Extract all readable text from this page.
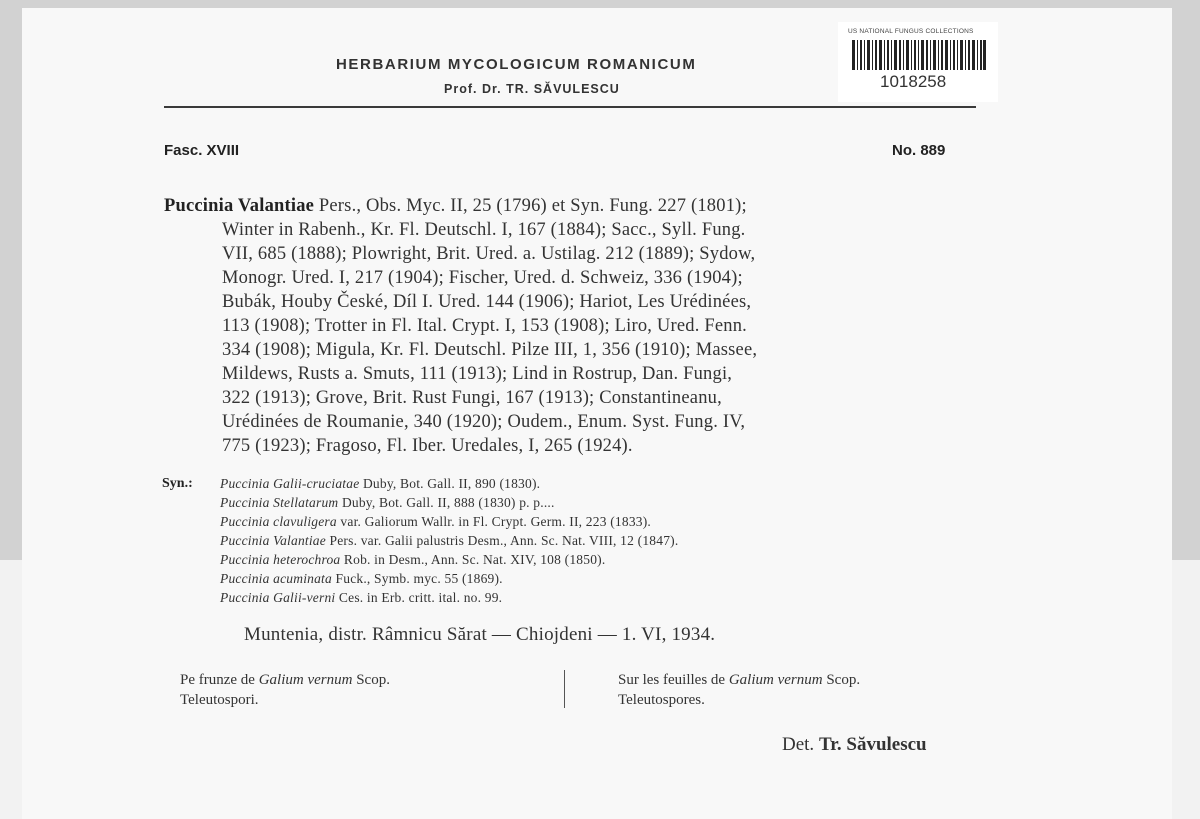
HERBARIUM MYCOLOGICUM ROMANICUM
Prof. Dr. TR. SĂVULESCU
US NATIONAL FUNGUS COLLECTIONS
1018258
Fasc. XVIII	No. 889
Puccinia Valantiae Pers., Obs. Myc. II, 25 (1796) et Syn. Fung. 227 (1801);
Winter in Rabenh., Kr. Fl. Deutschl. I, 167 (1884); Sacc., Syll. Fung.
VII, 685 (1888); Plowright, Brit. Ured. a. Ustilag. 212 (1889); Sydow,
Monogr. Ured. I, 217 (1904); Fischer, Ured. d. Schweiz, 336 (1904);
Bubák, Houby České, Díl I. Ured. 144 (1906); Hariot, Les Urédinées,
113 (1908); Trotter in Fl. Ital. Crypt. I, 153 (1908); Liro, Ured. Fenn.
334 (1908); Migula, Kr. Fl. Deutschl. Pilze III, 1, 356 (1910); Massee,
Mildews, Rusts a. Smuts, 111 (1913); Lind in Rostrup, Dan. Fungi,
322 (1913); Grove, Brit. Rust Fungi, 167 (1913); Constantineanu,
Urédinées de Roumanie, 340 (1920); Oudem., Enum. Syst. Fung. IV,
775 (1923); Fragoso, Fl. Iber. Uredales, I, 265 (1924).
Syn.: Puccinia Galii-cruciatae Duby, Bot. Gall. II, 890 (1830).
Puccinia Stellatarum Duby, Bot. Gall. II, 888 (1830) p. p....
Puccinia clavuligera var. Galiorum Wallr. in Fl. Crypt. Germ. II, 223 (1833).
Puccinia Valantiae Pers. var. Galii palustris Desm., Ann. Sc. Nat. VIII, 12 (1847).
Puccinia heterochroa Rob. in Desm., Ann. Sc. Nat. XIV, 108 (1850).
Puccinia acuminata Fuck., Symb. myc. 55 (1869).
Puccinia Galii-verni Ces. in Erb. critt. ital. no. 99.
Muntenia, distr. Râmnicu Sărat — Chiojdeni — 1. VI, 1934.
Pe frunze de Galium vernum Scop.
Teleutospori.
Sur les feuilles de Galium vernum Scop.
Teleutospores.
Det. Tr. Săvulescu
